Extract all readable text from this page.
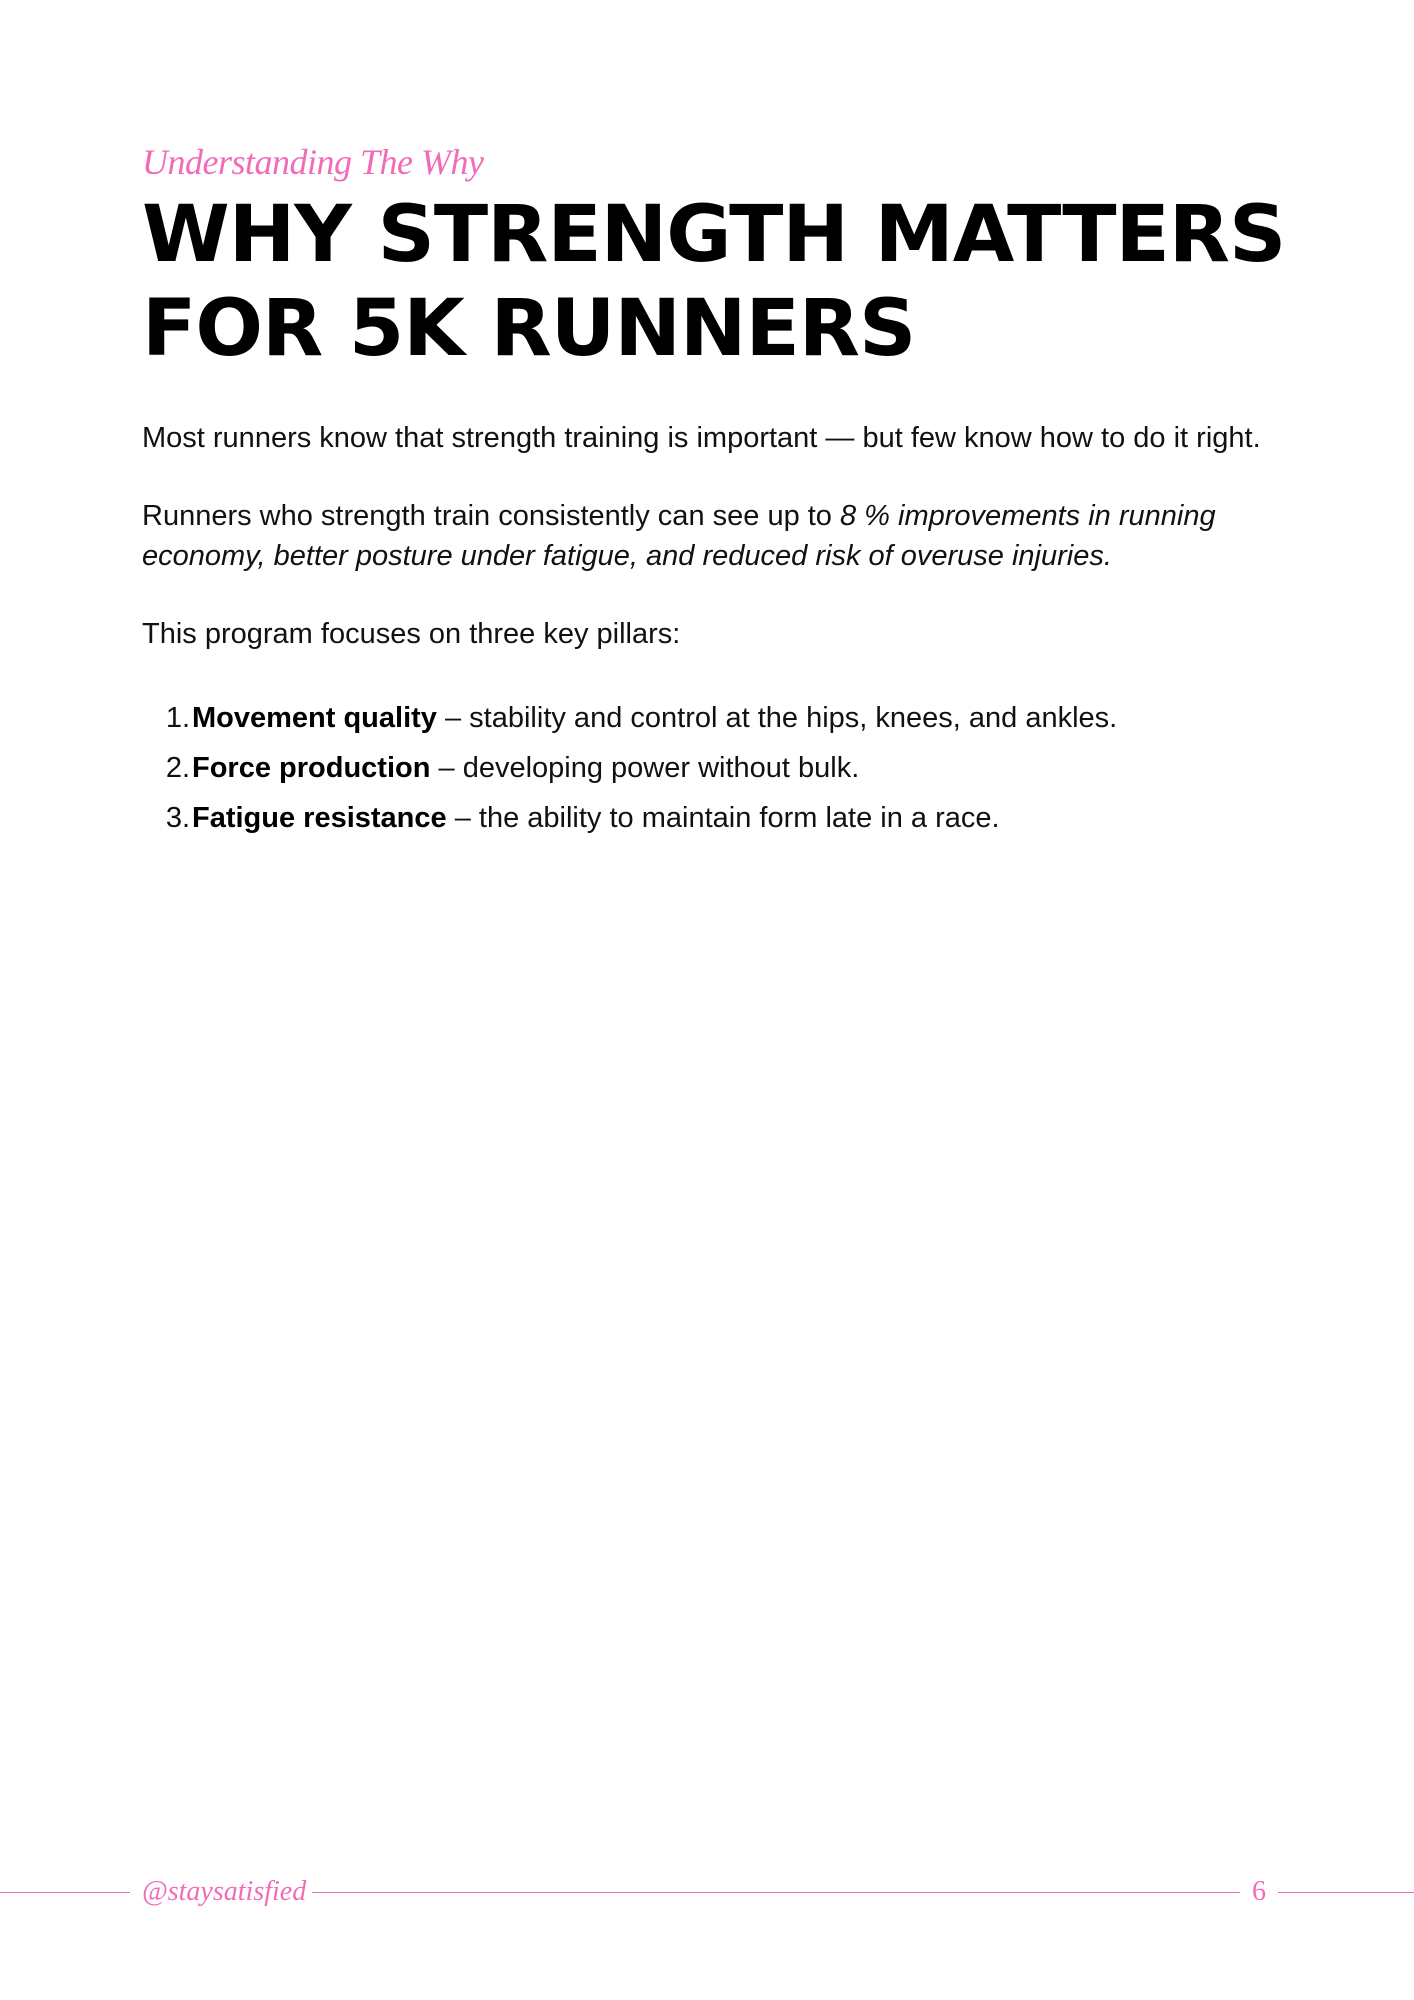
Understanding The Why

WHY STRENGTH MATTERS
FOR 5K RUNNERS

Most runners know that strength training is important — but few know how to do it right.

Runners who strength train consistently can see up to 8 % improvements in running economy, better posture under fatigue, and reduced risk of overuse injuries.

This program focuses on three key pillars:

1. Movement quality – stability and control at the hips, knees, and ankles.
2. Force production – developing power without bulk.
3. Fatigue resistance – the ability to maintain form late in a race.
@staysatisfied	6
